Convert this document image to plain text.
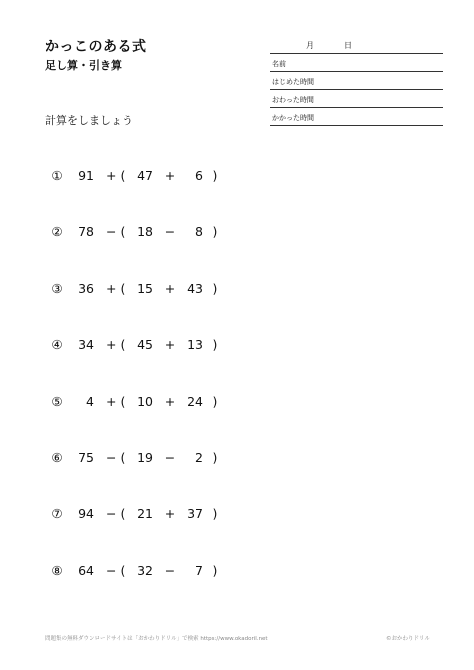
かっこのある式
足し算・引き算
月	日
名前
はじめた時間
おわった時間
かかった時間
計算をしましょう
① 91 + ( 47 +	6 )
② 78 − ( 18 −	8 )
③ 36 + ( 15 + 43 )
④ 34 + ( 45 + 13 )
⑤	4 + ( 10 + 24 )
⑥ 75 − ( 19 −	2 )
⑦ 94 − ( 21 + 37 )
⑧ 64 − ( 32 −	7 )
問題集の無料ダウンロードサイトは「おかわりドリル」で検索 https://www.okadoril.net	©おかわりドリル
